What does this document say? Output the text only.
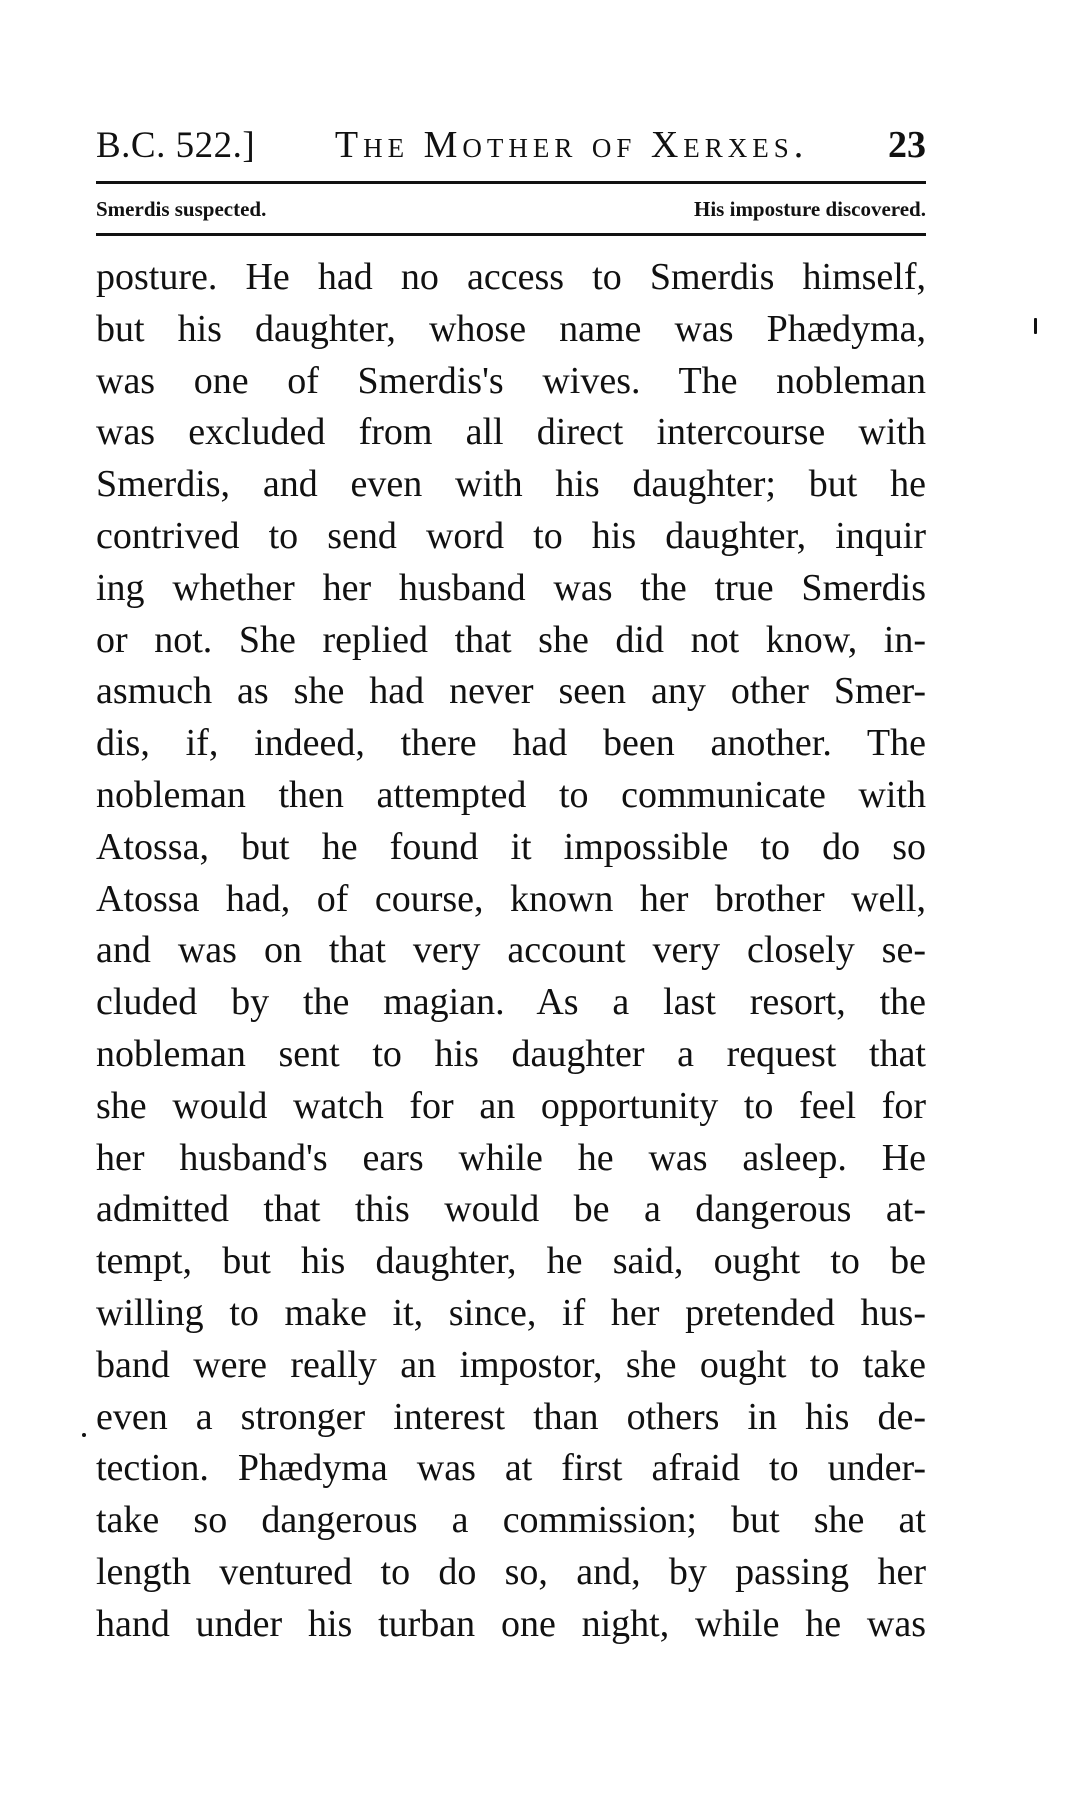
B.C. 522.] The Mother of Xerxes. 23
Smerdis suspected.	His imposture discovered.
posture. He had no access to Smerdis himself,
but his daughter, whose name was Phædyma,
was one of Smerdis's wives. The nobleman
was excluded from all direct intercourse with
Smerdis, and even with his daughter; but he
contrived to send word to his daughter, inquir
ing whether her husband was the true Smerdis
or not. She replied that she did not know, in-
asmuch as she had never seen any other Smer-
dis, if, indeed, there had been another. The
nobleman then attempted to communicate with
Atossa, but he found it impossible to do so
Atossa had, of course, known her brother well,
and was on that very account very closely se-
cluded by the magian. As a last resort, the
nobleman sent to his daughter a request that
she would watch for an opportunity to feel for
her husband's ears while he was asleep. He
admitted that this would be a dangerous at-
tempt, but his daughter, he said, ought to be
willing to make it, since, if her pretended hus-
band were really an impostor, she ought to take
even a stronger interest than others in his de-
tection. Phædyma was at first afraid to under-
take so dangerous a commission; but she at
length ventured to do so, and, by passing her
hand under his turban one night, while he was
